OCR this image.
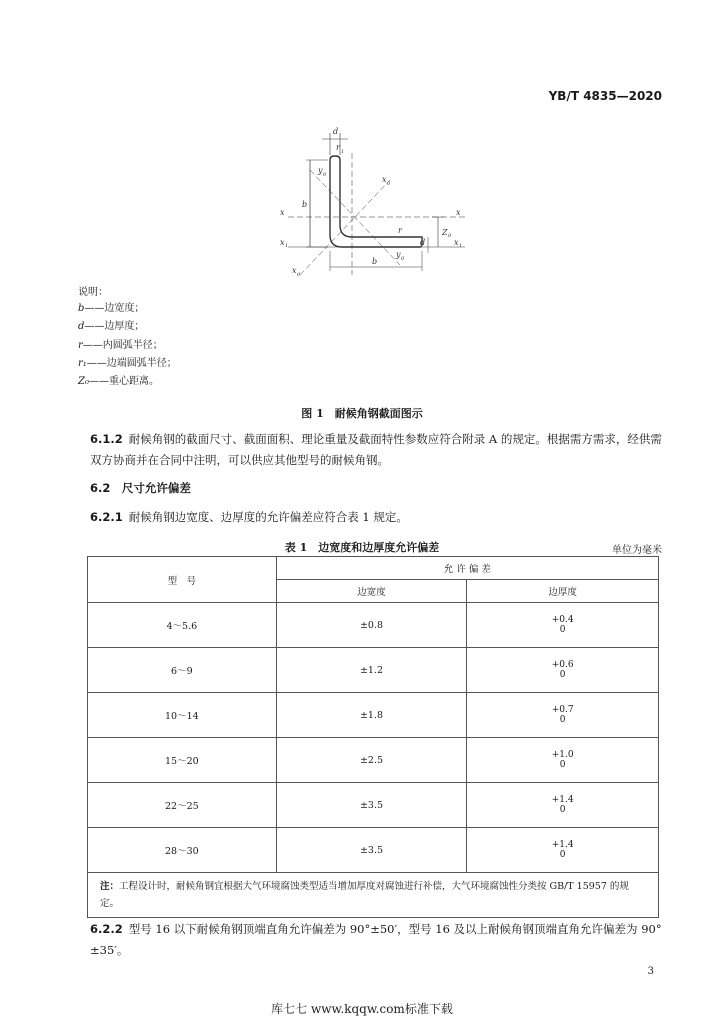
YB/T 4835—2020
d
r 1
y 0	x 0
b
x
x 1
x
x 1
r	Z 0
d
y 0
x 0
b
说明：
b——边宽度；
d——边厚度；
r——内圆弧半径；
r₁——边端圆弧半径；
Z₀——重心距离。
图 1　耐候角钢截面图示
6.1.2 耐候角钢的截面尺寸、截面面积、理论重量及截面特性参数应符合附录 A 的规定。根据需方需求，经供需双方协商并在合同中注明，可以供应其他型号的耐候角钢。
6.2　 尺寸允许偏差
6.2.1 耐候角钢边宽度、边厚度的允许偏差应符合表 1 规定。
表 1　边宽度和边厚度允许偏差	单位为毫米
型　号	允 许 偏 差	
	边宽度	边厚度
4～5.6	±0.8	+0.4
0

6～9	±1.2	+0.6
0

10～14	±1.8	+0.7
0

15～20	±2.5	+1.0
0

22～25	±3.5	+1.4
0

28～30	±3.5	+1.4
0

注：工程设计时，耐候角钢宜根据大气环境腐蚀类型适当增加厚度对腐蚀进行补偿，大气环境腐蚀性分类按 GB/T 15957 的规定。		
6.2.2 型号 16 以下耐候角钢顶端直角允许偏差为 90°±50′，型号 16 及以上耐候角钢顶端直角允许偏差为 90°±35′。
3
库七七 www.kqqw.com标准下载
